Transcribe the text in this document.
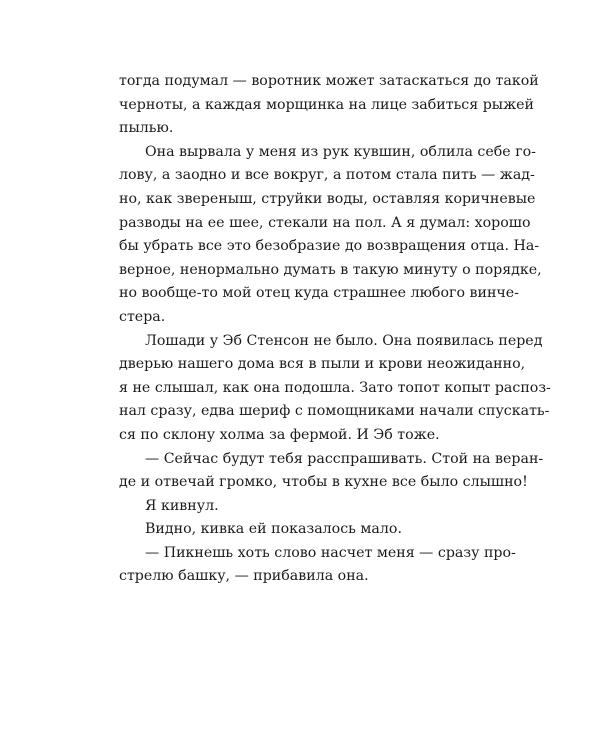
тогда подумал — воротник может затаскаться до такой
черноты, а каждая морщинка на лице забиться рыжей
пылью.
Она вырвала у меня из рук кувшин, облила себе го-
лову, а заодно и все вокруг, а потом стала пить — жад-
но, как звереныш, струйки воды, оставляя коричневые
разводы на ее шее, стекали на пол. А я думал: хорошо
бы убрать все это безобразие до возвращения отца. На-
верное, ненормально думать в такую минуту о порядке,
но вообще-то мой отец куда страшнее любого винче-
стера.
Лошади у Эб Стенсон не было. Она появилась перед
дверью нашего дома вся в пыли и крови неожиданно,
я не слышал, как она подошла. Зато топот копыт распоз-
нал сразу, едва шериф с помощниками начали спускать-
ся по склону холма за фермой. И Эб тоже.
— Сейчас будут тебя расспрашивать. Стой на веран-
де и отвечай громко, чтобы в кухне все было слышно!
Я кивнул.
Видно, кивка ей показалось мало.
— Пикнешь хоть слово насчет меня — сразу про-
стрелю башку, — прибавила она.
